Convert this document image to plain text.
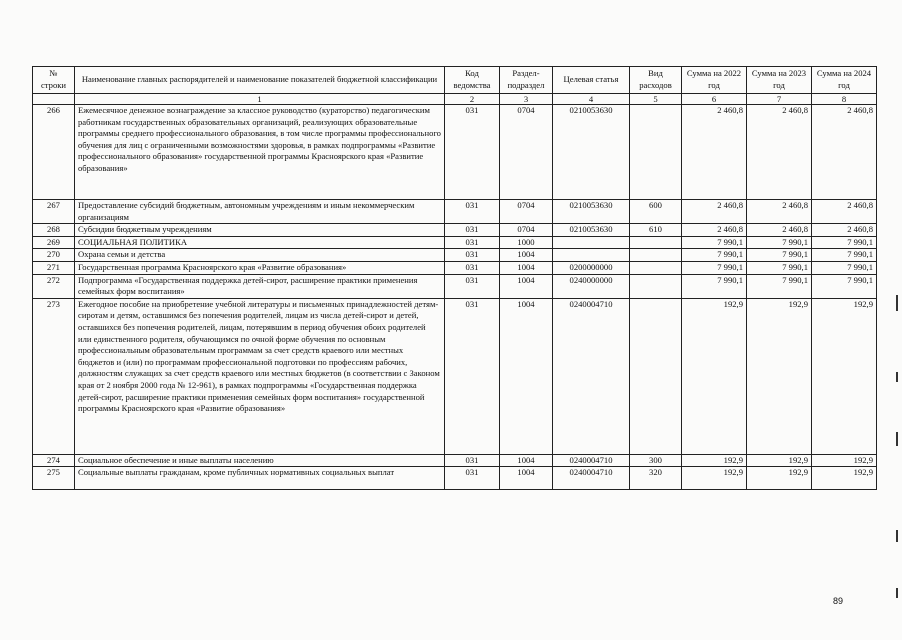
№ строки	Наименование главных распорядителей и наименование показателей бюджетной классификации	Код ведомства	Раздел-подраздел	Целевая статья	Вид расходов	Сумма на 2022 год	Сумма на 2023 год	Сумма на 2024 год
	1	2	3	4	5	6	7	8
266	Ежемесячное денежное вознаграждение за классное руководство (кураторство) педагогическим работникам государственных образовательных организаций, реализующих образовательные программы среднего профессионального образования, в том числе программы профессионального обучения для лиц с ограниченными возможностями здоровья, в рамках подпрограммы «Развитие профессионального образования» государственной программы Красноярского края «Развитие образования»	031	0704	0210053630		2 460,8	2 460,8	2 460,8
267	Предоставление субсидий бюджетным, автономным учреждениям и иным некоммерческим организациям	031	0704	0210053630	600	2 460,8	2 460,8	2 460,8
268	Субсидии бюджетным учреждениям	031	0704	0210053630	610	2 460,8	2 460,8	2 460,8
269	СОЦИАЛЬНАЯ ПОЛИТИКА	031	1000			7 990,1	7 990,1	7 990,1
270	Охрана семьи и детства	031	1004			7 990,1	7 990,1	7 990,1
271	Государственная программа Красноярского края «Развитие образования»	031	1004	0200000000		7 990,1	7 990,1	7 990,1
272	Подпрограмма «Государственная поддержка детей-сирот, расширение практики применения семейных форм воспитания»	031	1004	0240000000		7 990,1	7 990,1	7 990,1
273	Ежегодное пособие на приобретение учебной литературы и письменных принадлежностей детям-сиротам и детям, оставшимся без попечения родителей, лицам из числа детей-сирот и детей, оставшихся без попечения родителей, лицам, потерявшим в период обучения обоих родителей или единственного родителя, обучающимся по очной форме обучения по основным профессиональным образовательным программам за счет средств краевого или местных бюджетов и (или) по программам профессиональной подготовки по профессиям рабочих, должностям служащих за счет средств краевого или местных бюджетов (в соответствии с Законом края от 2 ноября 2000 года № 12-961), в рамках подпрограммы «Государственная поддержка детей-сирот, расширение практики применения семейных форм воспитания» государственной программы Красноярского края «Развитие образования»	031	1004	0240004710		192,9	192,9	192,9
274	Социальное обеспечение и иные выплаты населению	031	1004	0240004710	300	192,9	192,9	192,9
275	Социальные выплаты гражданам, кроме публичных нормативных социальных выплат	031	1004	0240004710	320	192,9	192,9	192,9
89
